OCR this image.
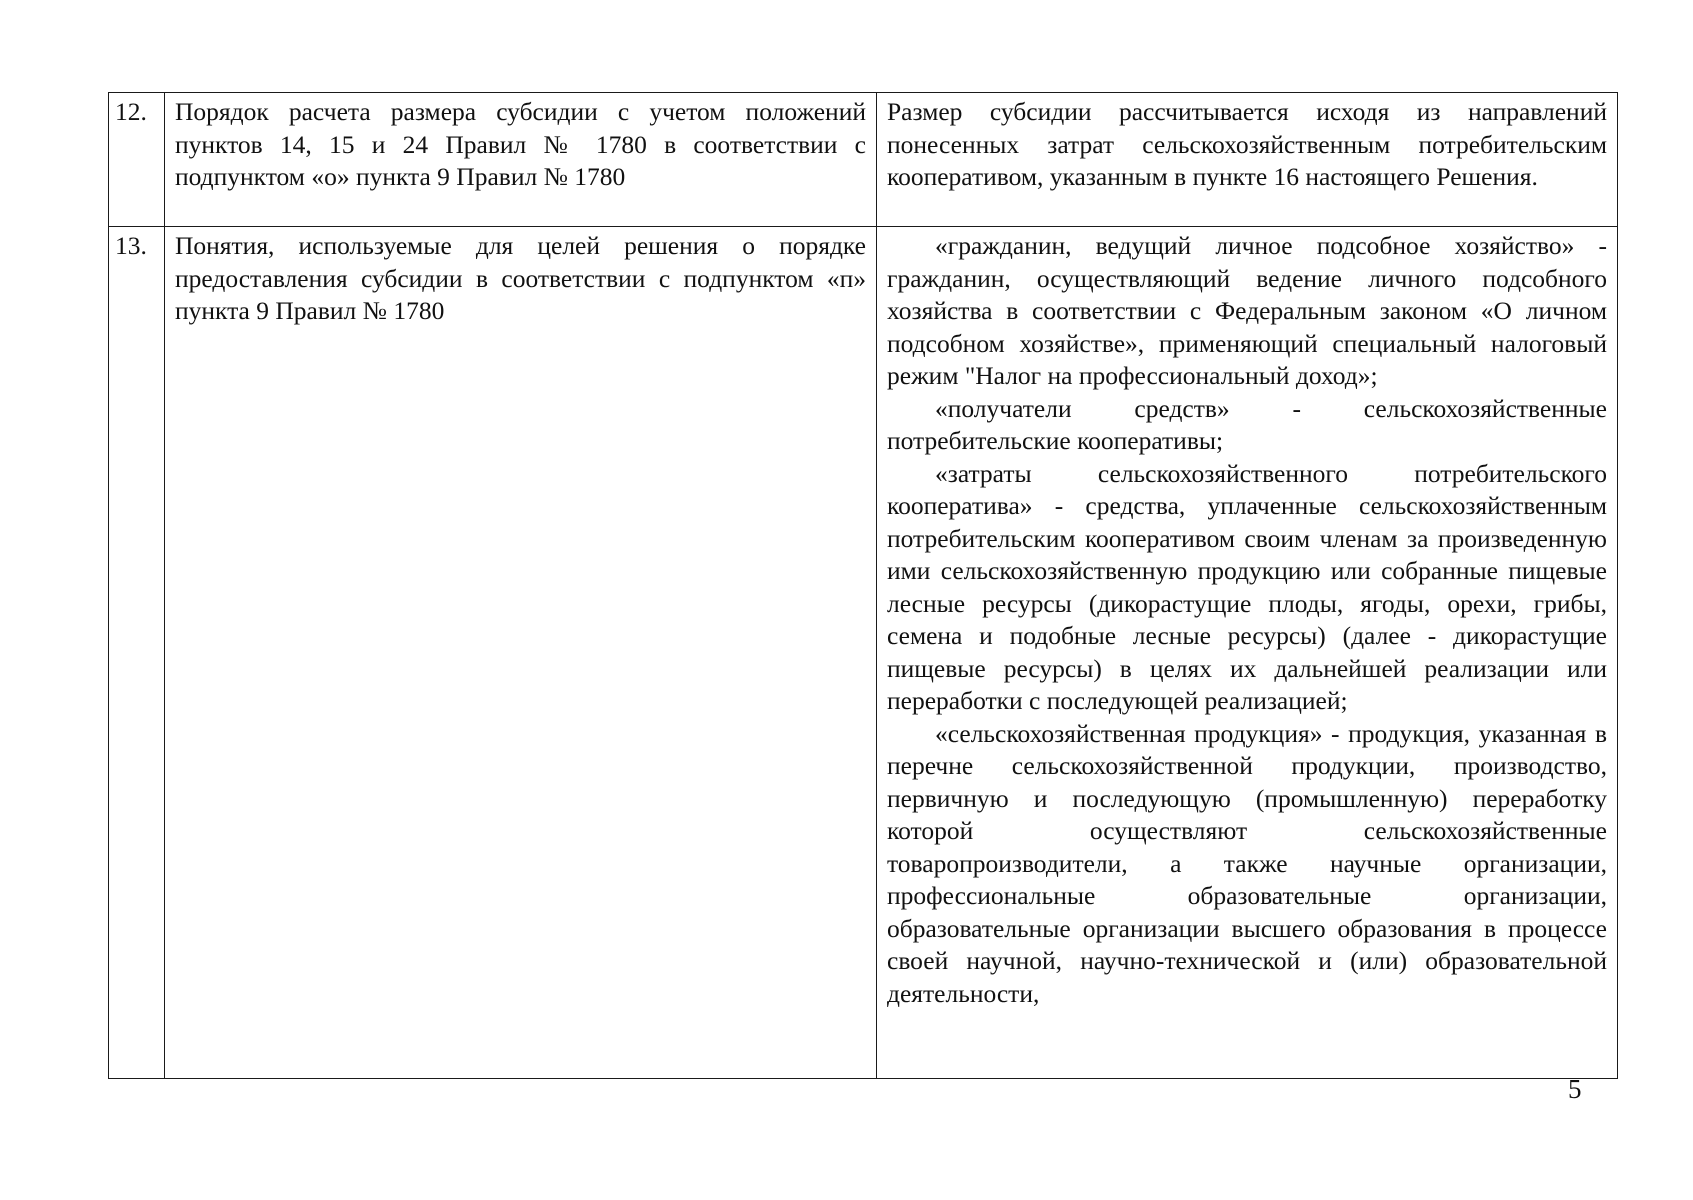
12.	Порядок расчета размера субсидии с учетом положений пунктов 14, 15 и 24 Правил № 1780 в соответствии с подпунктом «о» пункта 9 Правил № 1780	Размер субсидии рассчитывается исходя из направлений понесенных затрат сельскохозяйственным потребительским кооперативом, указанным в пункте 16 настоящего Решения.
13.	Понятия, используемые для целей решения о порядке предоставления субсидии в соответствии с подпунктом «п» пункта 9 Правил № 1780	«гражданин, ведущий личное подсобное хозяйство» - гражданин, осуществляющий ведение личного подсобного хозяйства в соответствии с Федеральным законом «О личном подсобном хозяйстве», применяющий специальный налоговый режим "Налог на профессиональный доход»;

«получатели средств» - сельскохозяйственные потребительские кооперативы;

«затраты сельскохозяйственного потребительского кооператива» - средства, уплаченные сельскохозяйственным потребительским кооперативом своим членам за произведенную ими сельскохозяйственную продукцию или собранные пищевые лесные ресурсы (дикорастущие плоды, ягоды, орехи, грибы, семена и подобные лесные ресурсы) (далее - дикорастущие пищевые ресурсы) в целях их дальнейшей реализации или переработки с последующей реализацией;

«сельскохозяйственная продукция» - продукция, указанная в перечне сельскохозяйственной продукции, производство, первичную и последующую (промышленную) переработку которой осуществляют сельскохозяйственные товаропроизводители, а также научные организации, профессиональные образовательные организации, образовательные организации высшего образования в процессе своей научной, научно-технической и (или) образовательной деятельности,

5
